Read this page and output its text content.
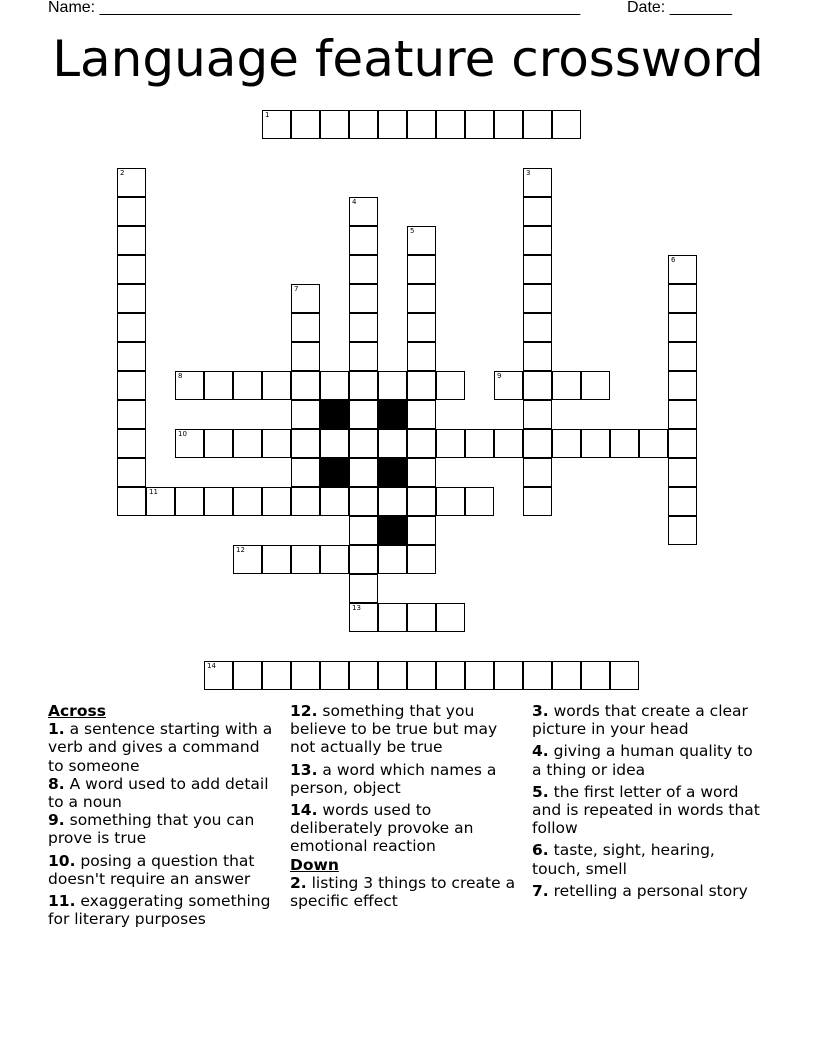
Name: ______________________________________________________	Date: _______
Language feature crossword
1
2	3
4
5
6
7
8	9
10
11
12
13
14
Across
1. a sentence starting with a verb and gives a command to someone
8. A word used to add detail to a noun
9. something that you can prove is true
10. posing a question that doesn't require an answer
11. exaggerating something for literary purposes
12. something that you believe to be true but may not actually be true
13. a word which names a person, object
14. words used to deliberately provoke an emotional reaction
Down
2. listing 3 things to create a specific effect
3. words that create a clear picture in your head
4. giving a human quality to a thing or idea
5. the first letter of a word and is repeated in words that follow
6. taste, sight, hearing, touch, smell
7. retelling a personal story
